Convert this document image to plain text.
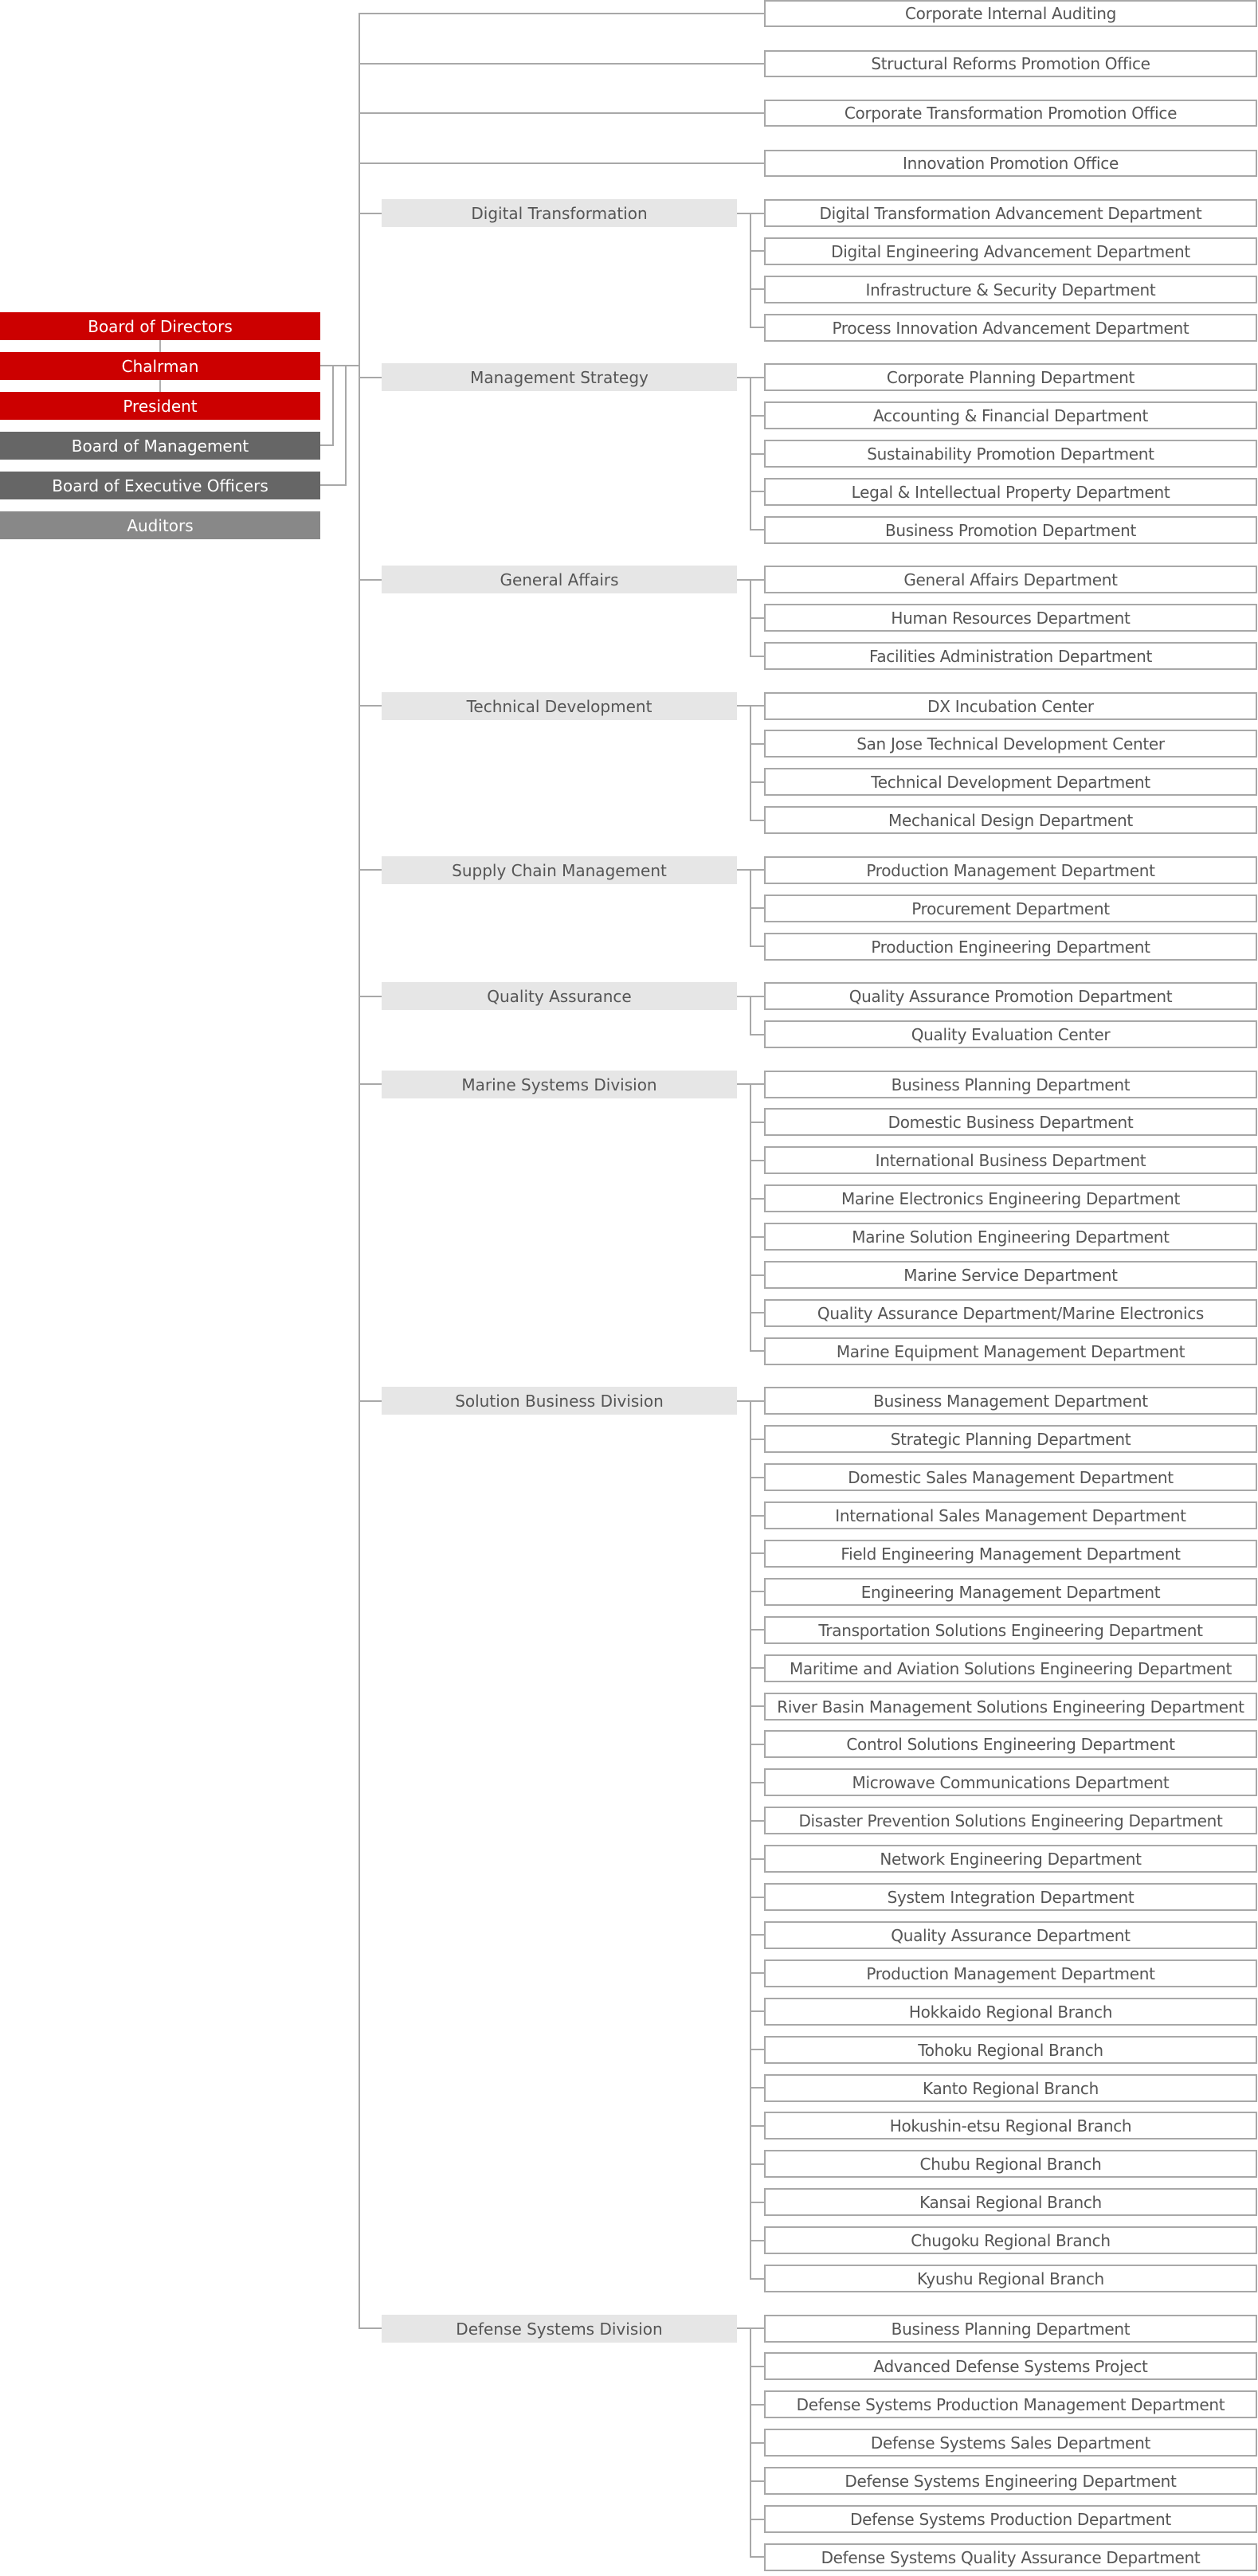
Board of Directors
Chalrman
President
Board of Management
Board of Executive Officers
Auditors
Corporate Internal Auditing
Structural Reforms Promotion Office
Corporate Transformation Promotion Office
Innovation Promotion Office
Digital Transformation	Digital Transformation Advancement Department
Digital Engineering Advancement Department
Infrastructure & Security Department
Process Innovation Advancement Department
Management Strategy	Corporate Planning Department
Accounting & Financial Department
Sustainability Promotion Department
Legal & Intellectual Property Department
Business Promotion Department
General Affairs	General Affairs Department
Human Resources Department
Facilities Administration Department
Technical Development	DX Incubation Center
San Jose Technical Development Center
Technical Development Department
Mechanical Design Department
Supply Chain Management	Production Management Department
Procurement Department
Production Engineering Department
Quality Assurance	Quality Assurance Promotion Department
Quality Evaluation Center
Marine Systems Division	Business Planning Department
Domestic Business Department
International Business Department
Marine Electronics Engineering Department
Marine Solution Engineering Department
Marine Service Department
Quality Assurance Department/Marine Electronics
Marine Equipment Management Department
Solution Business Division	Business Management Department
Strategic Planning Department
Domestic Sales Management Department
International Sales Management Department
Field Engineering Management Department
Engineering Management Department
Transportation Solutions Engineering Department
Maritime and Aviation Solutions Engineering Department
River Basin Management Solutions Engineering Department
Control Solutions Engineering Department
Microwave Communications Department
Disaster Prevention Solutions Engineering Department
Network Engineering Department
System Integration Department
Quality Assurance Department
Production Management Department
Hokkaido Regional Branch
Tohoku Regional Branch
Kanto Regional Branch
Hokushin-etsu Regional Branch
Chubu Regional Branch
Kansai Regional Branch
Chugoku Regional Branch
Kyushu Regional Branch
Defense Systems Division	Business Planning Department
Advanced Defense Systems Project
Defense Systems Production Management Department
Defense Systems Sales Department
Defense Systems Engineering Department
Defense Systems Production Department
Defense Systems Quality Assurance Department
